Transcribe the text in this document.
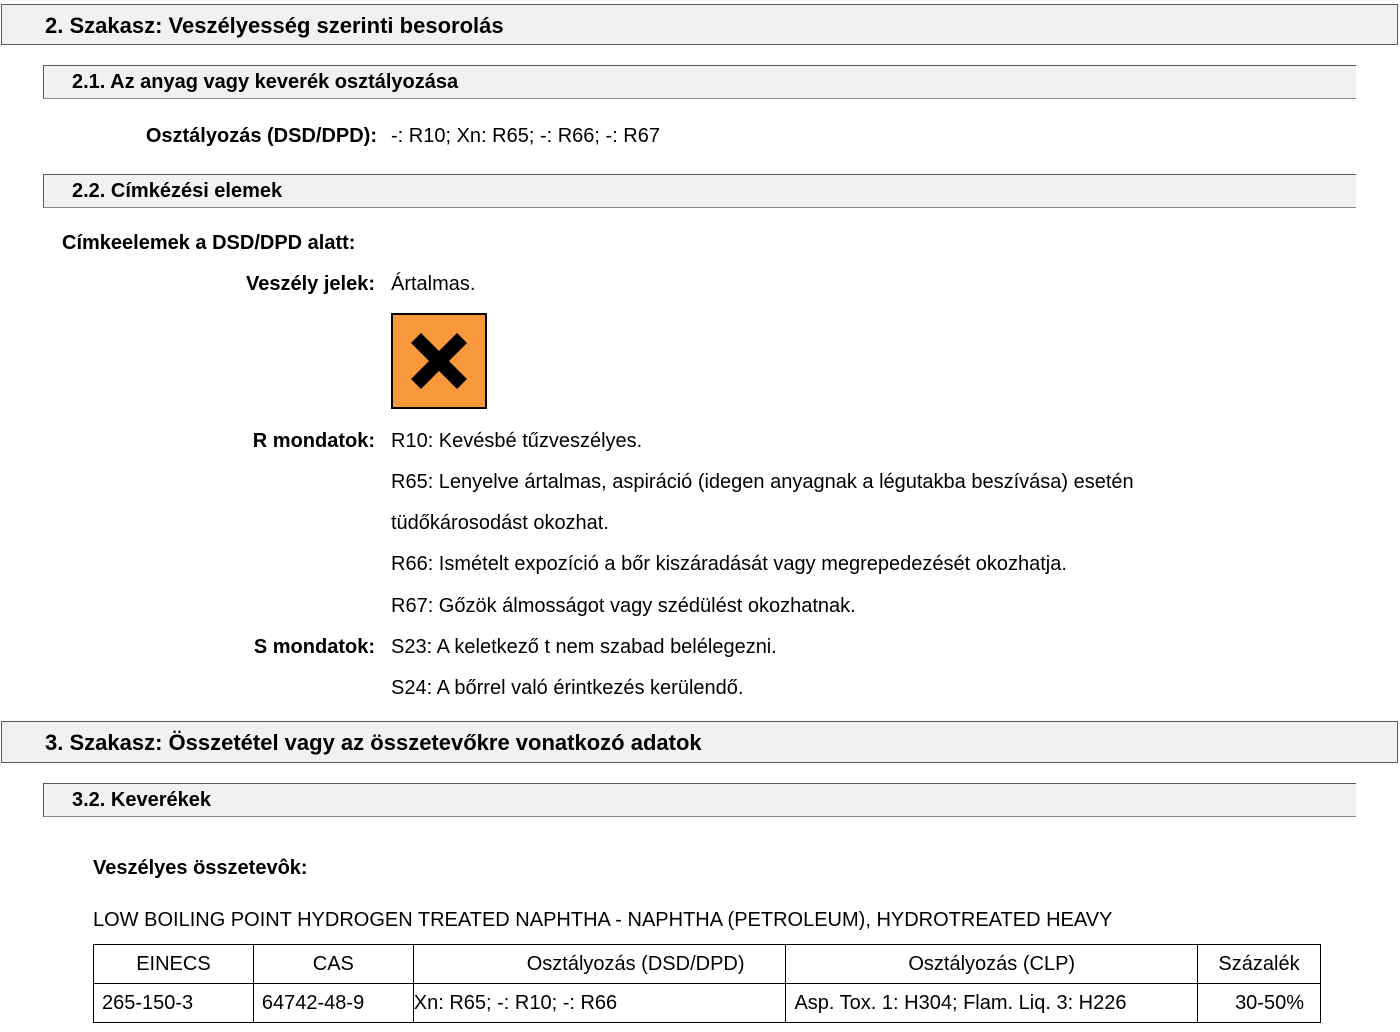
2. Szakasz: Veszélyesség szerinti besorolás
2.1. Az anyag vagy keverék osztályozása
Osztályozás (DSD/DPD): -: R10; Xn: R65; -: R66; -: R67
2.2. Címkézési elemek
Címkeelemek a DSD/DPD alatt:
Veszély jelek: Ártalmas.
R mondatok: R10: Kevésbé tűzveszélyes.
R65: Lenyelve ártalmas, aspiráció (idegen anyagnak a légutakba beszívása) esetén
tüdőkárosodást okozhat.
R66: Ismételt expozíció a bőr kiszáradását vagy megrepedezését okozhatja.
R67: Gőzök álmosságot vagy szédülést okozhatnak.
S mondatok: S23: A keletkező t nem szabad belélegezni.
S24: A bőrrel való érintkezés kerülendő.
3. Szakasz: Összetétel vagy az összetevőkre vonatkozó adatok
3.2. Keverékek
Veszélyes összetevôk:
LOW BOILING POINT HYDROGEN TREATED NAPHTHA - NAPHTHA (PETROLEUM), HYDROTREATED HEAVY
EINECS	CAS	Osztályozás (DSD/DPD)	Osztályozás (CLP)	Százalék
265-150-3	64742-48-9	Xn: R65; -: R10; -: R66	Asp. Tox. 1: H304; Flam. Liq. 3: H226	30-50%
